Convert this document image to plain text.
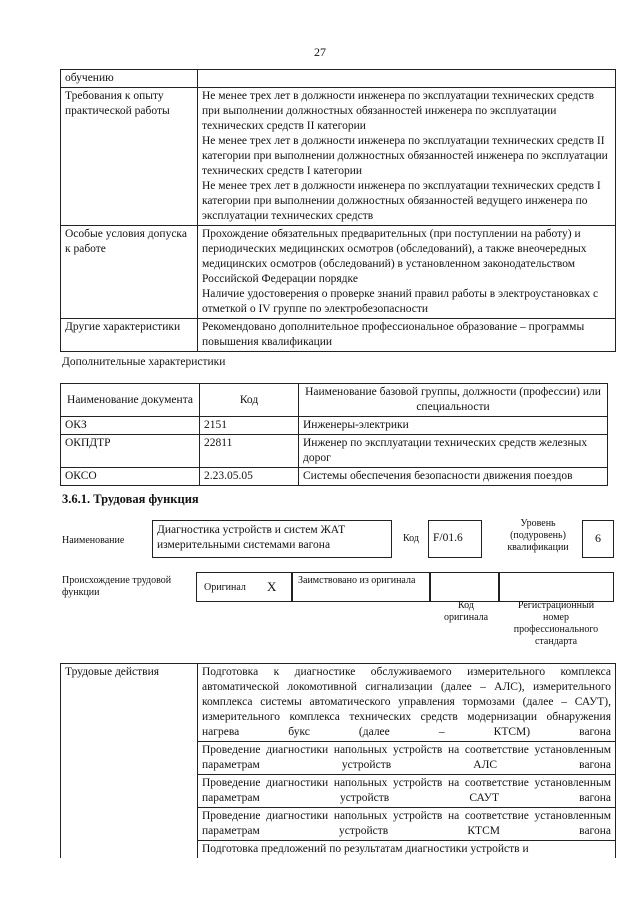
27
обучению	
Требования к опыту практической работы	Не менее трех лет в должности инженера по эксплуатации технических средств при выполнении должностных обязанностей инженера по эксплуатации технических средств II категории

Не менее трех лет в должности инженера по эксплуатации технических средств II категории при выполнении должностных обязанностей инженера по эксплуатации технических средств I категории

Не менее трех лет в должности инженера по эксплуатации технических средств I категории при выполнении должностных обязанностей ведущего инженера по эксплуатации технических средств

Особые условия допуска к работе	Прохождение обязательных предварительных (при поступлении на работу) и периодических медицинских осмотров (обследований), а также внеочередных медицинских осмотров (обследований) в установленном законодательством Российской Федерации порядке

Наличие удостоверения о проверке знаний правил работы в электроустановках с отметкой о IV группе по электробезопасности

Другие характеристики	Рекомендовано дополнительное профессиональное образование – программы повышения квалификации

Дополнительные характеристики
Наименование документа	Код	Наименование базовой группы, должности (профессии) или специальности
ОКЗ	2151	Инженеры-электрики
ОКПДТР	22811	Инженер по эксплуатации технических средств железных дорог
ОКСО	2.23.05.05	Системы обеспечения безопасности движения поездов
3.6.1. Трудовая функция
Наименование
Диагностика устройств и систем ЖАТ измерительными системами вагона
Код	F/01.6
Уровень (подуровень) квалификации
6
Происхождение трудовой функции	Оригинал X Заимствовано из оригинала
Код оригинала
Регистрационный номер профессионального стандарта
Трудовые действия	Подготовка к диагностике обслуживаемого измерительного комплекса автоматической локомотивной сигнализации (далее – АЛС), измерительного комплекса системы автоматического управления тормозами (далее – САУТ), измерительного комплекса технических средств модернизации обнаружения нагрева букс (далее – КТСМ) вагона
Проведение диагностики напольных устройств на соответствие установленным параметрам устройств АЛС вагона
Проведение диагностики напольных устройств на соответствие установленным параметрам устройств САУТ вагона
Проведение диагностики напольных устройств на соответствие установленным параметрам устройств КТСМ вагона
Подготовка предложений по результатам диагностики устройств и
